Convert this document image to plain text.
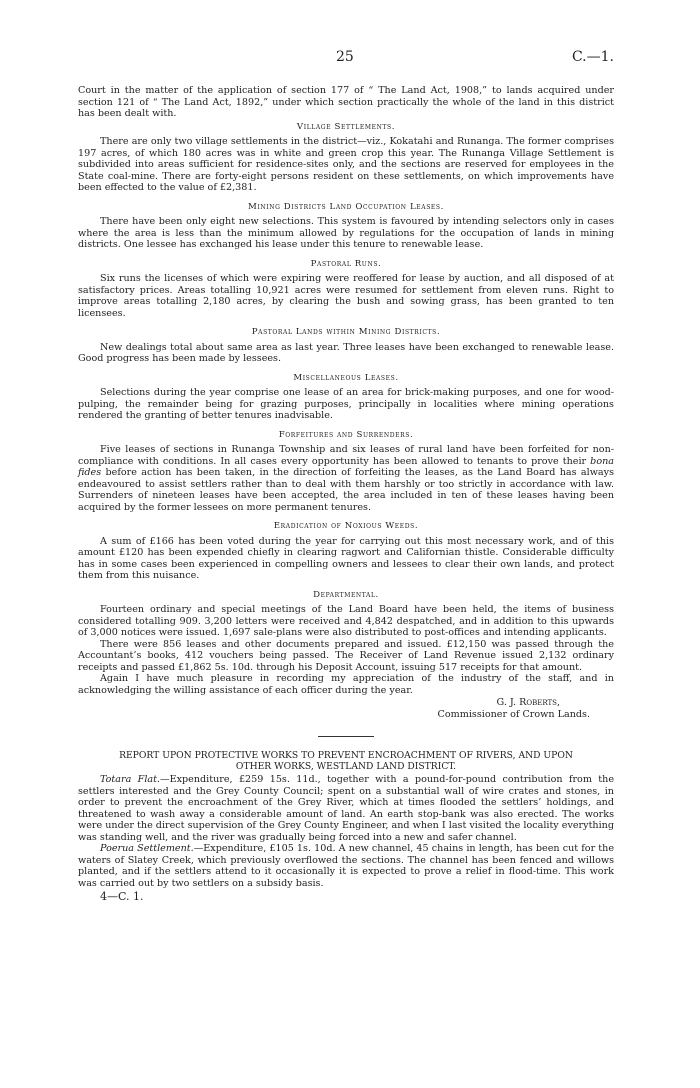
25	C.—1.

Court in the matter of the application of section 177 of “ The Land Act, 1908,” to lands acquired under section 121 of “ The Land Act, 1892,” under which section practically the whole of the land in this district has been dealt with.

Village Settlements.

There are only two village settlements in the district—viz., Kokatahi and Runanga. The former comprises 197 acres, of which 180 acres was in white and green crop this year. The Runanga Village Settlement is subdivided into areas sufficient for residence-sites only, and the sections are reserved for employees in the State coal-mine. There are forty-eight persons resident on these settlements, on which improvements have been effected to the value of £2,381.

Mining Districts Land Occupation Leases.

There have been only eight new selections. This system is favoured by intending selectors only in cases where the area is less than the minimum allowed by regulations for the occupation of lands in mining districts. One lessee has exchanged his lease under this tenure to renewable lease.

Pastoral Runs.

Six runs the licenses of which were expiring were reoffered for lease by auction, and all disposed of at satisfactory prices. Areas totalling 10,921 acres were resumed for settlement from eleven runs. Right to improve areas totalling 2,180 acres, by clearing the bush and sowing grass, has been granted to ten licensees.

Pastoral Lands within Mining Districts.

New dealings total about same area as last year. Three leases have been exchanged to renewable lease. Good progress has been made by lessees.

Miscellaneous Leases.

Selections during the year comprise one lease of an area for brick-making purposes, and one for wood-pulping, the remainder being for grazing purposes, principally in localities where mining operations rendered the granting of better tenures inadvisable.

Forfeitures and Surrenders.

Five leases of sections in Runanga Township and six leases of rural land have been forfeited for non-compliance with conditions. In all cases every opportunity has been allowed to tenants to prove their bona fides before action has been taken, in the direction of forfeiting the leases, as the Land Board has always endeavoured to assist settlers rather than to deal with them harshly or too strictly in accordance with law. Surrenders of nineteen leases have been accepted, the area included in ten of these leases having been acquired by the former lessees on more permanent tenures.

Eradication of Noxious Weeds.

A sum of £166 has been voted during the year for carrying out this most necessary work, and of this amount £120 has been expended chiefly in clearing ragwort and Californian thistle. Considerable difficulty has in some cases been experienced in compelling owners and lessees to clear their own lands, and protect them from this nuisance.

Departmental.

Fourteen ordinary and special meetings of the Land Board have been held, the items of business considered totalling 909. 3,200 letters were received and 4,842 despatched, and in addition to this upwards of 3,000 notices were issued. 1,697 sale-plans were also distributed to post-offices and intending applicants.

There were 856 leases and other documents prepared and issued. £12,150 was passed through the Accountant’s books, 412 vouchers being passed. The Receiver of Land Revenue issued 2,132 ordinary receipts and passed £1,862 5s. 10d. through his Deposit Account, issuing 517 receipts for that amount.

Again I have much pleasure in recording my appreciation of the industry of the staff, and in acknowledging the willing assistance of each officer during the year.

G. J. Roberts,
Commissioner of Crown Lands.
REPORT UPON PROTECTIVE WORKS TO PREVENT ENCROACHMENT OF RIVERS, AND UPON
OTHER WORKS, WESTLAND LAND DISTRICT.

Totara Flat.—Expenditure, £259 15s. 11d., together with a pound-for-pound contribution from the settlers interested and the Grey County Council; spent on a substantial wall of wire crates and stones, in order to prevent the encroachment of the Grey River, which at times flooded the settlers’ holdings, and threatened to wash away a considerable amount of land. An earth stop-bank was also erected. The works were under the direct supervision of the Grey County Engineer, and when I last visited the locality everything was standing well, and the river was gradually being forced into a new and safer channel.

Poerua Settlement.—Expenditure, £105 1s. 10d. A new channel, 45 chains in length, has been cut for the waters of Slatey Creek, which previously overflowed the sections. The channel has been fenced and willows planted, and if the settlers attend to it occasionally it is expected to prove a relief in flood-time. This work was carried out by two settlers on a subsidy basis.

4—C. 1.
